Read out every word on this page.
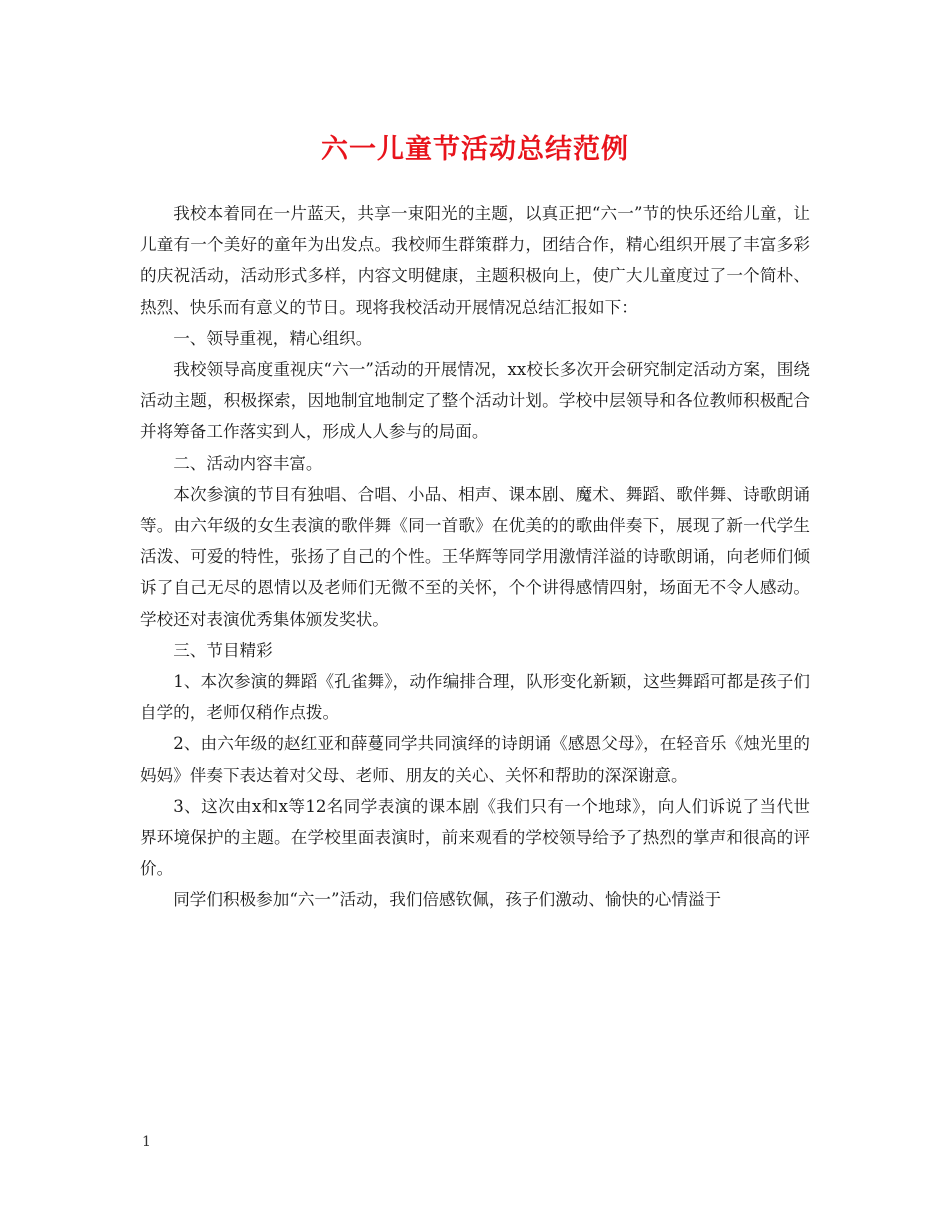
六一儿童节活动总结范例

我校本着同在一片蓝天，共享一束阳光的主题，以真正把“六一”节的快乐还给儿童，让儿童有一个美好的童年为出发点。我校师生群策群力，团结合作，精心组织开展了丰富多彩的庆祝活动，活动形式多样，内容文明健康，主题积极向上，使广大儿童度过了一个简朴、热烈、快乐而有意义的节日。现将我校活动开展情况总结汇报如下：

一、领导重视，精心组织。

我校领导高度重视庆“六一”活动的开展情况，xx校长多次开会研究制定活动方案，围绕活动主题，积极探索，因地制宜地制定了整个活动计划。学校中层领导和各位教师积极配合并将筹备工作落实到人，形成人人参与的局面。

二、活动内容丰富。

本次参演的节目有独唱、合唱、小品、相声、课本剧、魔术、舞蹈、歌伴舞、诗歌朗诵等。由六年级的女生表演的歌伴舞《同一首歌》在优美的的歌曲伴奏下，展现了新一代学生活泼、可爱的特性，张扬了自己的个性。王华辉等同学用激情洋溢的诗歌朗诵，向老师们倾诉了自己无尽的恩情以及老师们无微不至的关怀，个个讲得感情四射，场面无不令人感动。学校还对表演优秀集体颁发奖状。

三、节目精彩

1、本次参演的舞蹈《孔雀舞》，动作编排合理，队形变化新颖，这些舞蹈可都是孩子们自学的，老师仅稍作点拨。

2、由六年级的赵红亚和薛蔓同学共同演绎的诗朗诵《感恩父母》，在轻音乐《烛光里的妈妈》伴奏下表达着对父母、老师、朋友的关心、关怀和帮助的深深谢意。

3、这次由x和x等12名同学表演的课本剧《我们只有一个地球》，向人们诉说了当代世界环境保护的主题。在学校里面表演时，前来观看的学校领导给予了热烈的掌声和很高的评价。

同学们积极参加“六一”活动，我们倍感钦佩，孩子们激动、愉快的心情溢于

1
